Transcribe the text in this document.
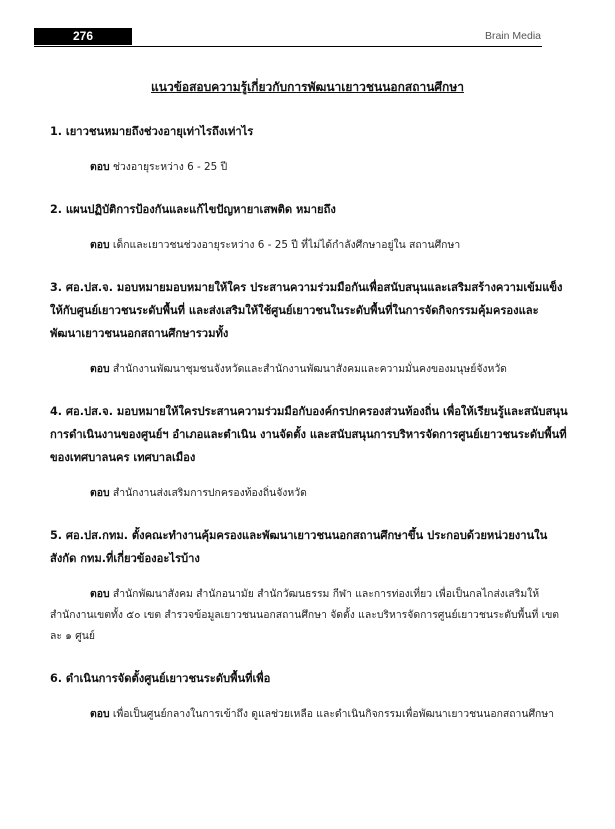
276	Brain Media
แนวข้อสอบความรู้เกี่ยวกับการพัฒนาเยาวชนนอกสถานศึกษา

1. เยาวชนหมายถึงช่วงอายุเท่าไรถึงเท่าไร

ตอบ ช่วงอายุระหว่าง 6 - 25 ปี

2. แผนปฏิบัติการป้องกันและแก้ไขปัญหายาเสพติด หมายถึง

ตอบ เด็กและเยาวชนช่วงอายุระหว่าง 6 - 25 ปี ที่ไม่ได้กำลังศึกษาอยู่ใน สถานศึกษา

3. ศอ.ปส.จ. มอบหมายมอบหมายให้ใคร ประสานความร่วมมือกันเพื่อสนับสนุนและเสริมสร้างความเข้มแข็งให้กับศูนย์เยาวชนระดับพื้นที่ และส่งเสริมให้ใช้ศูนย์เยาวชนในระดับพื้นที่ในการจัดกิจกรรมคุ้มครองและพัฒนาเยาวชนนอกสถานศึกษารวมทั้ง

ตอบ สำนักงานพัฒนาชุมชนจังหวัดและสำนักงานพัฒนาสังคมและความมั่นคงของมนุษย์จังหวัด

4. ศอ.ปส.จ. มอบหมายให้ใครประสานความร่วมมือกับองค์กรปกครองส่วนท้องถิ่น เพื่อให้เรียนรู้และสนับสนุนการดำเนินงานของศูนย์ฯ อำเภอและตำเนิน งานจัดตั้ง และสนับสนุนการบริหารจัดการศูนย์เยาวชนระดับพื้นที่ ของเทศบาลนคร เทศบาลเมือง

ตอบ สำนักงานส่งเสริมการปกครองท้องถิ่นจังหวัด

5. ศอ.ปส.กทม. ตั้งคณะทำงานคุ้มครองและพัฒนาเยาวชนนอกสถานศึกษาขึ้น ประกอบด้วยหน่วยงานในสังกัด กทม.ที่เกี่ยวข้องอะไรบ้าง

ตอบ สำนักพัฒนาสังคม สำนักอนามัย สำนักวัฒนธรรม กีฬา และการท่องเที่ยว เพื่อเป็นกลไกส่งเสริมให้สำนักงานเขตทั้ง ๕๐ เขต สำรวจข้อมูลเยาวชนนอกสถานศึกษา จัดตั้ง และบริหารจัดการศูนย์เยาวชนระดับพื้นที่ เขตละ ๑ ศูนย์

6. ดำเนินการจัดตั้งศูนย์เยาวชนระดับพื้นที่เพื่อ

ตอบ เพื่อเป็นศูนย์กลางในการเข้าถึง ดูแลช่วยเหลือ และดำเนินกิจกรรมเพื่อพัฒนาเยาวชนนอกสถานศึกษา
